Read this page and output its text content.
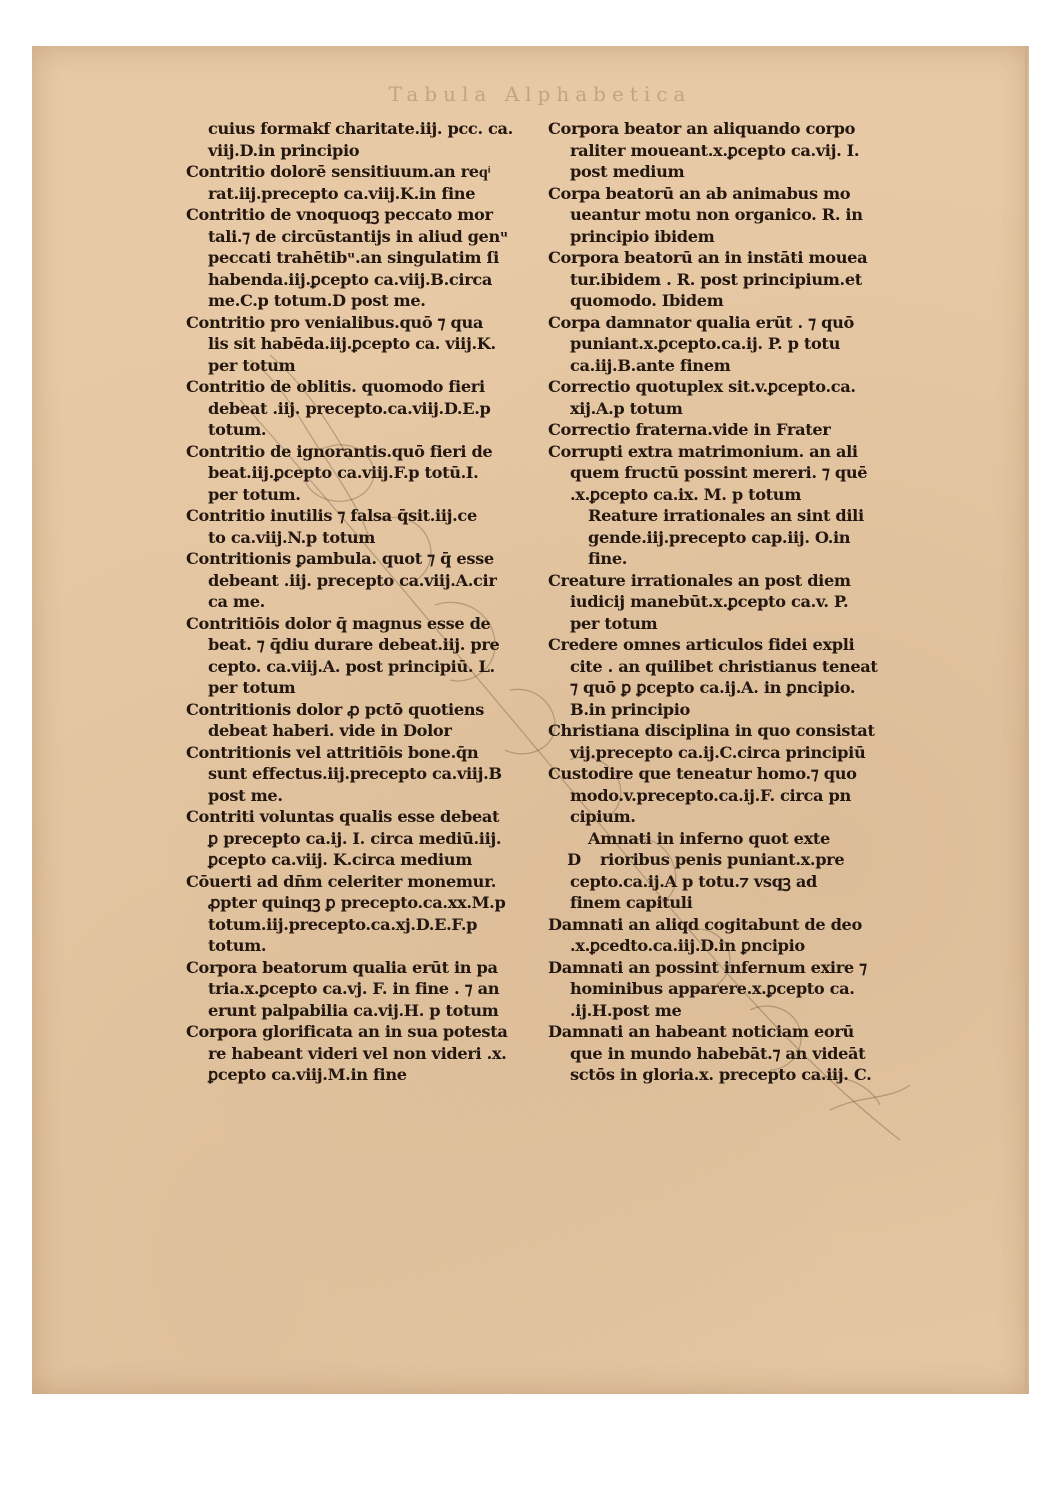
Tabula Alphabetica
cuius formakf charitate.iij. pcc. ca.
viij.D.in principio
Contritio dolorē sensitiuum.an reqͥ
rat.iij.precepto ca.viij.K.in fine
Contritio de vnoquoqꝫ peccato mor
tali.⁊ de circūstantijs in aliud genᵘ
peccati trahētibᵘ.an singulatim ſi
habenda.iij.ꝑcepto ca.viij.B.circa
me.C.p totum.D post me.
Contritio pro venialibus.quō ⁊ qua
lis sit habēda.iij.ꝑcepto ca. viij.K.
per totum
Contritio de oblitis. quomodo fieri
debeat .iij. precepto.ca.viij.D.E.p
totum.
Contritio de ignorantis.quō fieri de
beat.iij.ꝑcepto ca.viij.F.p totū.I.
per totum.
Contritio inutilis ⁊ falsa q̄sit.iij.ce
to ca.viij.N.p totum
Contritionis ꝑambula. quot ⁊ q̄ esse
debeant .iij. precepto ca.viij.A.cir
ca me.
Contritiōis dolor q̄ magnus esse de
beat. ⁊ q̄diu durare debeat.iij. pre
cepto. ca.viij.A. post principiū. L.
per totum
Contritionis dolor ꝓ pctō quotiens
debeat haberi. vide in Dolor
Contritionis vel attritiōis bone.q̄n
sunt effectus.iij.precepto ca.viij.B
post me.
Contriti voluntas qualis esse debeat
ꝑ precepto ca.ij. I. circa mediū.iij.
ꝑcepto ca.viij. K.circa medium
Cōuerti ad dn̄m celeriter monemur.
ꝓpter quinqꝫ ꝑ precepto.ca.xx.M.p
totum.iij.precepto.ca.xj.D.E.F.p
totum.
Corpora beatorum qualia erūt in pa
tria.x.ꝑcepto ca.vj. F. in fine . ⁊ an
erunt palpabilia ca.vij.H. p totum
Corpora glorificata an in sua potesta
re habeant videri vel non videri .x.
ꝑcepto ca.viij.M.in fine
Corpora beator an aliquando corpo
raliter moueant.x.ꝑcepto ca.vij. I.
post medium
Corpa beatorū an ab animabus mo
ueantur motu non organico. R. in
principio ibidem
Corpora beatorū an in instāti mouea
tur.ibidem . R. post principium.et
quomodo. Ibidem
Corpa damnator qualia erūt . ⁊ quō
puniant.x.ꝑcepto.ca.ij. P. p totu
ca.iij.B.ante finem
Correctio quotuplex sit.v.ꝑcepto.ca.
xij.A.p totum
Correctio fraterna.vide in Frater
Corrupti extra matrimonium. an ali
quem fructū possint mereri. ⁊ quē
.x.ꝑcepto ca.ix. M. p totum
Reature irrationales an sint dili
gende.iij.precepto cap.iij. O.in
fine.
Creature irrationales an post diem
iudicij manebūt.x.ꝑcepto ca.v. P.
per totum
Credere omnes articulos fidei expli
cite . an quilibet christianus teneat
⁊ quō ꝑ ꝑcepto ca.ij.A. in ꝑncipio.
B.in principio
Christiana disciplina in quo consistat
vij.precepto ca.ij.C.circa principiū
Custodire que teneatur homo.⁊ quo
modo.v.precepto.ca.ij.F. circa pn
cipium.
Amnati in inferno quot exte
D rioribus penis puniant.x.pre
cepto.ca.ij.A p totu.⁊ vsqꝫ ad
finem capituli
Damnati an aliqd cogitabunt de deo
.x.ꝑcedto.ca.iij.D.in ꝑncipio
Damnati an possint infernum exire ⁊
hominibus apparere.x.ꝑcepto ca.
.ij.H.post me
Damnati an habeant noticiam eorū
que in mundo habebāt.⁊ an videāt
sctōs in gloria.x. precepto ca.iij. C.
